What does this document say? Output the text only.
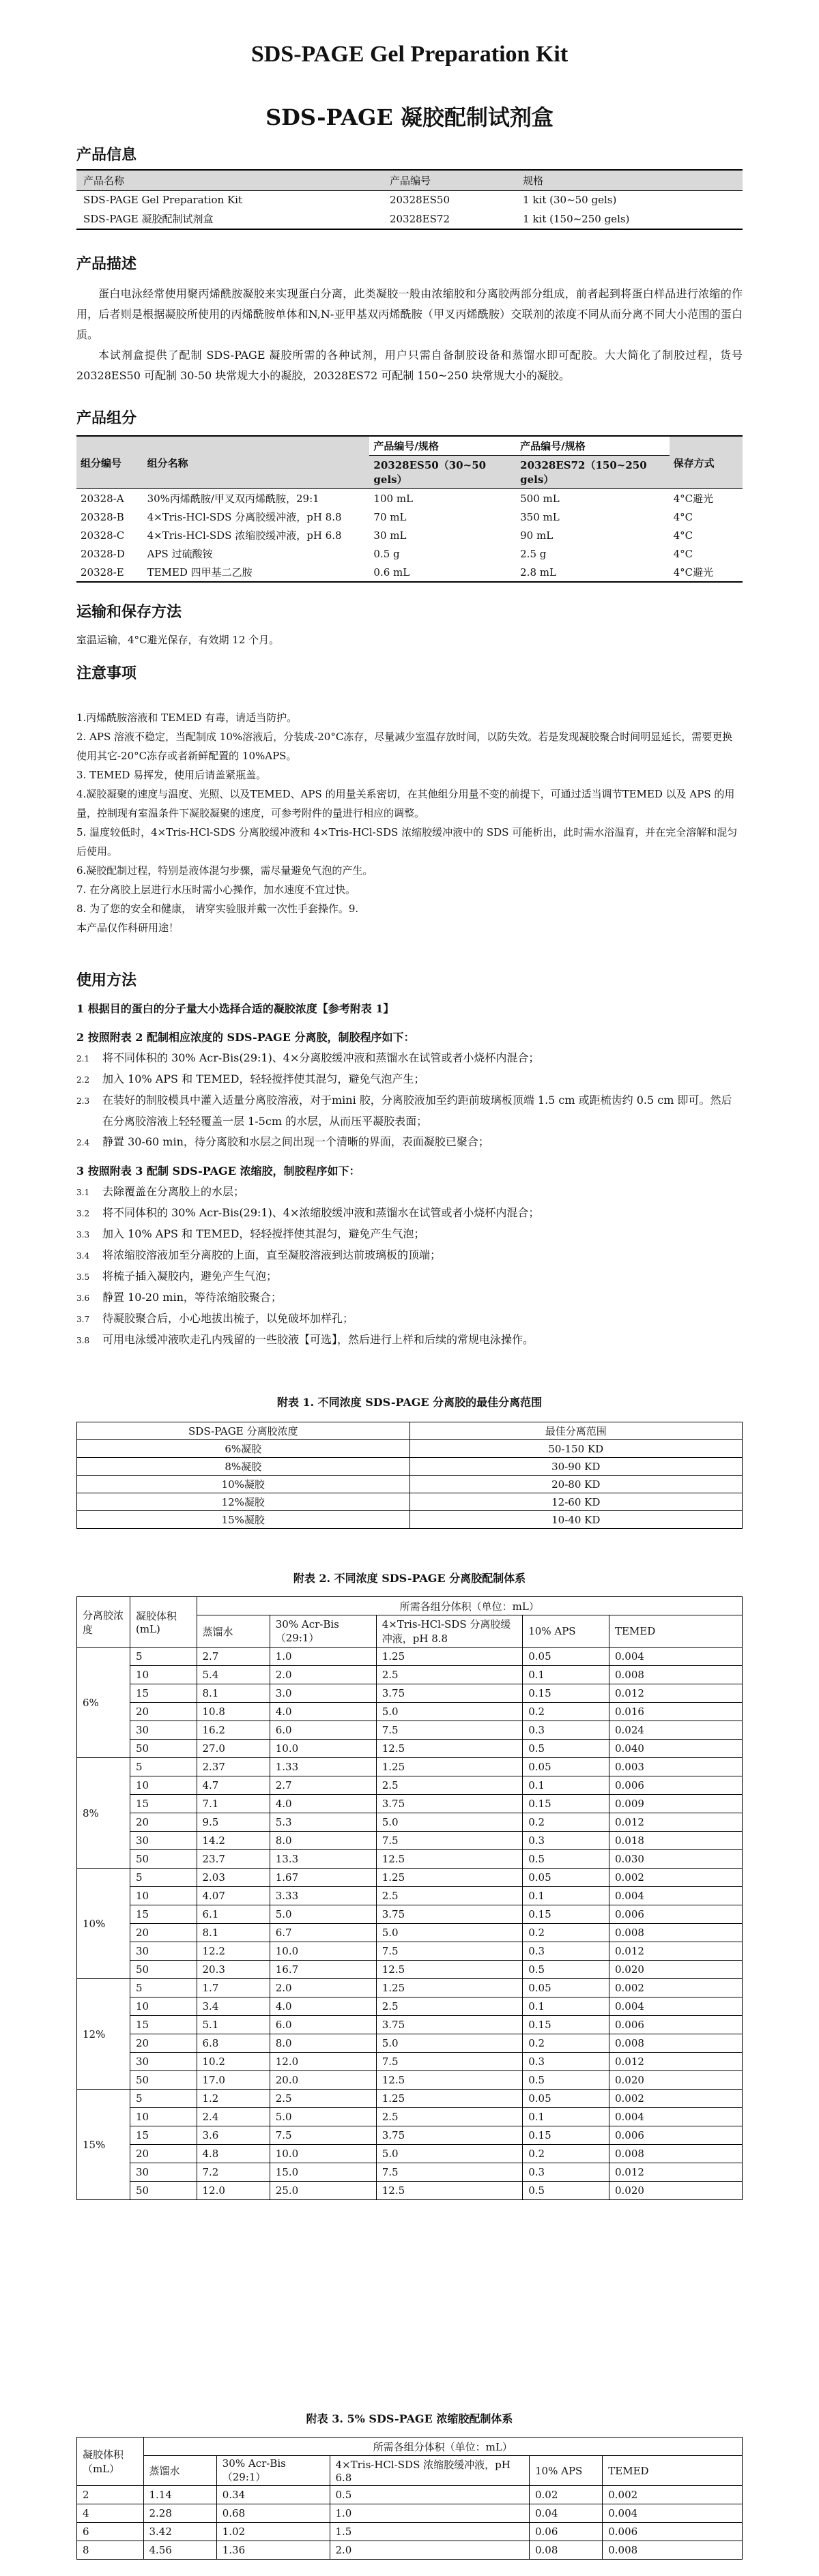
SDS-PAGE Gel Preparation Kit
SDS-PAGE 凝胶配制试剂盒
产品信息
产品名称	产品编号	规格
SDS-PAGE Gel Preparation Kit	20328ES50	1 kit (30~50 gels)
SDS-PAGE 凝胶配制试剂盒	20328ES72	1 kit (150~250 gels)
产品描述

蛋白电泳经常使用聚丙烯酰胺凝胶来实现蛋白分离，此类凝胶一般由浓缩胶和分离胶两部分组成，前者起到将蛋白样品进行浓缩的作用，后者则是根据凝胶所使用的丙烯酰胺单体和N,N-亚甲基双丙烯酰胺（甲叉丙烯酰胺）交联剂的浓度不同从而分离不同大小范围的蛋白质。

本试剂盒提供了配制 SDS-PAGE 凝胶所需的各种试剂，用户只需自备制胶设备和蒸馏水即可配胶。大大简化了制胶过程，货号 20328ES50 可配制 30-50 块常规大小的凝胶，20328ES72 可配制 150~250 块常规大小的凝胶。

产品组分
组分编号	组分名称	产品编号/规格	产品编号/规格	保存方式
		20328ES50（30~50 gels）	20328ES72（150~250 gels）	
20328-A	30%丙烯酰胺/甲叉双丙烯酰胺，29:1	100 mL	500 mL	4°C避光
20328-B	4×Tris-HCl-SDS 分离胶缓冲液，pH 8.8	70 mL	350 mL	4°C
20328-C	4×Tris-HCl-SDS 浓缩胶缓冲液，pH 6.8	30 mL	90 mL	4°C
20328-D	APS 过硫酸铵	0.5 g	2.5 g	4°C
20328-E	TEMED 四甲基二乙胺	0.6 mL	2.8 mL	4°C避光
运输和保存方法

室温运输，4°C避光保存，有效期 12 个月。

注意事项

1.丙烯酰胺溶液和 TEMED 有毒，请适当防护。

2. APS 溶液不稳定，当配制成 10%溶液后，分装成-20°C冻存，尽量减少室温存放时间，以防失效。若是发现凝胶聚合时间明显延长，需要更换使用其它-20°C冻存或者新鲜配置的 10%APS。

3. TEMED 易挥发，使用后请盖紧瓶盖。

4.凝胶凝聚的速度与温度、光照、以及TEMED、APS 的用量关系密切，在其他组分用量不变的前提下，可通过适当调节TEMED 以及 APS 的用量，控制现有室温条件下凝胶凝聚的速度，可参考附件的量进行相应的调整。

5. 温度较低时，4×Tris-HCl-SDS 分离胶缓冲液和 4×Tris-HCl-SDS 浓缩胶缓冲液中的 SDS 可能析出，此时需水浴温育，并在完全溶解和混匀后使用。

6.凝胶配制过程，特别是液体混匀步骤，需尽量避免气泡的产生。

7. 在分离胶上层进行水压时需小心操作，加水速度不宜过快。

8. 为了您的安全和健康， 请穿实验服并戴一次性手套操作。9.

本产品仅作科研用途！

使用方法

1 根据目的蛋白的分子量大小选择合适的凝胶浓度【参考附表 1】

2 按照附表 2 配制相应浓度的 SDS-PAGE 分离胶，制胶程序如下：

2.1 将不同体积的 30% Acr-Bis(29:1)、4×分离胶缓冲液和蒸馏水在试管或者小烧杯内混合；

2.2 加入 10% APS 和 TEMED，轻轻搅拌使其混匀，避免气泡产生；

2.3 在装好的制胶模具中灌入适量分离胶溶液，对于mini 胶，分离胶液加至约距前玻璃板顶端 1.5 cm 或距梳齿约 0.5 cm 即可。然后在分离胶溶液上轻轻覆盖一层 1-5cm 的水层，从而压平凝胶表面；

2.4 静置 30-60 min，待分离胶和水层之间出现一个清晰的界面，表面凝胶已聚合；

3 按照附表 3 配制 SDS-PAGE 浓缩胶，制胶程序如下：

3.1 去除覆盖在分离胶上的水层；

3.2 将不同体积的 30% Acr-Bis(29:1)、4×浓缩胶缓冲液和蒸馏水在试管或者小烧杯内混合；

3.3 加入 10% APS 和 TEMED，轻轻搅拌使其混匀，避免产生气泡；

3.4 将浓缩胶溶液加至分离胶的上面，直至凝胶溶液到达前玻璃板的顶端；

3.5 将梳子插入凝胶内，避免产生气泡；

3.6 静置 10-20 min，等待浓缩胶聚合；

3.7 待凝胶聚合后，小心地拔出梳子，以免破坏加样孔；

3.8 可用电泳缓冲液吹走孔内残留的一些胶液【可选】，然后进行上样和后续的常规电泳操作。

附表 1. 不同浓度 SDS-PAGE 分离胶的最佳分离范围
SDS-PAGE 分离胶浓度	最佳分离范围
6%凝胶	50-150 KD
8%凝胶	30-90 KD
10%凝胶	20-80 KD
12%凝胶	12-60 KD
15%凝胶	10-40 KD
附表 2. 不同浓度 SDS-PAGE 分离胶配制体系
分离胶浓度	凝胶体积(mL)	所需各组分体积（单位：mL）				
		蒸馏水	30% Acr-Bis（29:1）	4×Tris-HCl-SDS 分离胶缓冲液，pH 8.8	10% APS	TEMED
6%	5	2.7	1.0	1.25	0.05	0.004
	10	5.4	2.0	2.5	0.1	0.008
	15	8.1	3.0	3.75	0.15	0.012
	20	10.8	4.0	5.0	0.2	0.016
	30	16.2	6.0	7.5	0.3	0.024
	50	27.0	10.0	12.5	0.5	0.040
8%	5	2.37	1.33	1.25	0.05	0.003
	10	4.7	2.7	2.5	0.1	0.006
	15	7.1	4.0	3.75	0.15	0.009
	20	9.5	5.3	5.0	0.2	0.012
	30	14.2	8.0	7.5	0.3	0.018
	50	23.7	13.3	12.5	0.5	0.030
10%	5	2.03	1.67	1.25	0.05	0.002
	10	4.07	3.33	2.5	0.1	0.004
	15	6.1	5.0	3.75	0.15	0.006
	20	8.1	6.7	5.0	0.2	0.008
	30	12.2	10.0	7.5	0.3	0.012
	50	20.3	16.7	12.5	0.5	0.020
12%	5	1.7	2.0	1.25	0.05	0.002
	10	3.4	4.0	2.5	0.1	0.004
	15	5.1	6.0	3.75	0.15	0.006
	20	6.8	8.0	5.0	0.2	0.008
	30	10.2	12.0	7.5	0.3	0.012
	50	17.0	20.0	12.5	0.5	0.020
15%	5	1.2	2.5	1.25	0.05	0.002
	10	2.4	5.0	2.5	0.1	0.004
	15	3.6	7.5	3.75	0.15	0.006
	20	4.8	10.0	5.0	0.2	0.008
	30	7.2	15.0	7.5	0.3	0.012
	50	12.0	25.0	12.5	0.5	0.020
附表 3. 5% SDS-PAGE 浓缩胶配制体系
凝胶体积（mL）	所需各组分体积（单位：mL）				
	蒸馏水	30% Acr-Bis（29:1）	4×Tris-HCl-SDS 浓缩胶缓冲液，pH 6.8	10% APS	TEMED
2	1.14	0.34	0.5	0.02	0.002
4	2.28	0.68	1.0	0.04	0.004
6	3.42	1.02	1.5	0.06	0.006
8	4.56	1.36	2.0	0.08	0.008
